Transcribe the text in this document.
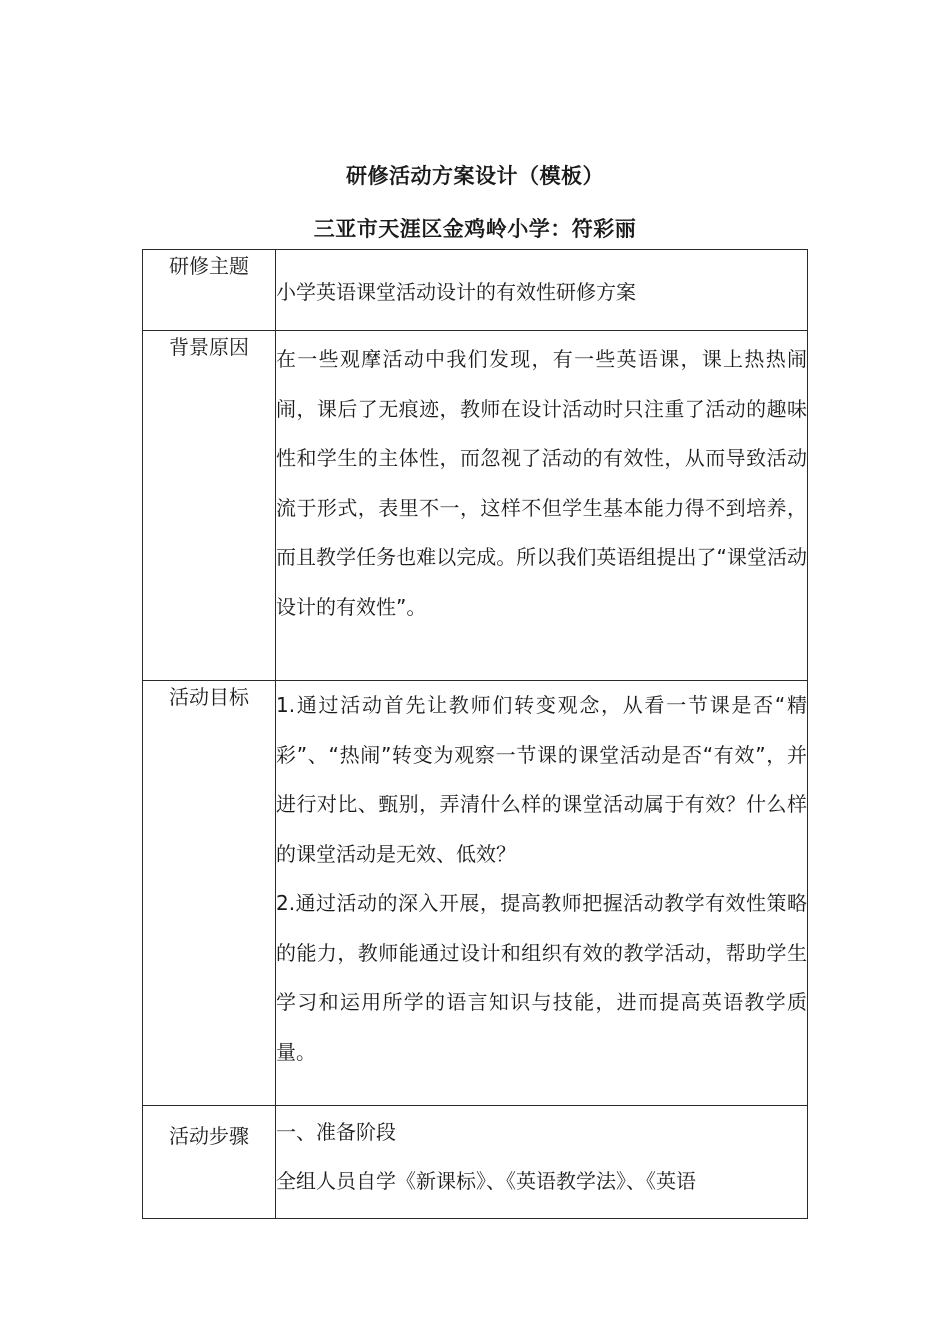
研修活动方案设计（模板）
三亚市天涯区金鸡岭小学：符彩丽
研修主题	小学英语课堂活动设计的有效性研修方案
背景原因	在一些观摩活动中我们发现，有一些英语课，课上热热闹闹，课后了无痕迹，教师在设计活动时只注重了活动的趣味性和学生的主体性，而忽视了活动的有效性，从而导致活动流于形式，表里不一，这样不但学生基本能力得不到培养，而且教学任务也难以完成。所以我们英语组提出了“课堂活动设计的有效性”。

活动目标	1.通过活动首先让教师们转变观念，从看一节课是否“精彩”、“热闹”转变为观察一节课的课堂活动是否“有效”，并进行对比、甄别，弄清什么样的课堂活动属于有效？什么样的课堂活动是无效、低效？

2.通过活动的深入开展，提高教师把握活动教学有效性策略的能力，教师能通过设计和组织有效的教学活动，帮助学生学习和运用所学的语言知识与技能，进而提高英语教学质量。

活动步骤	一、准备阶段

全组人员自学《新课标》、《英语教学法》、《英语
